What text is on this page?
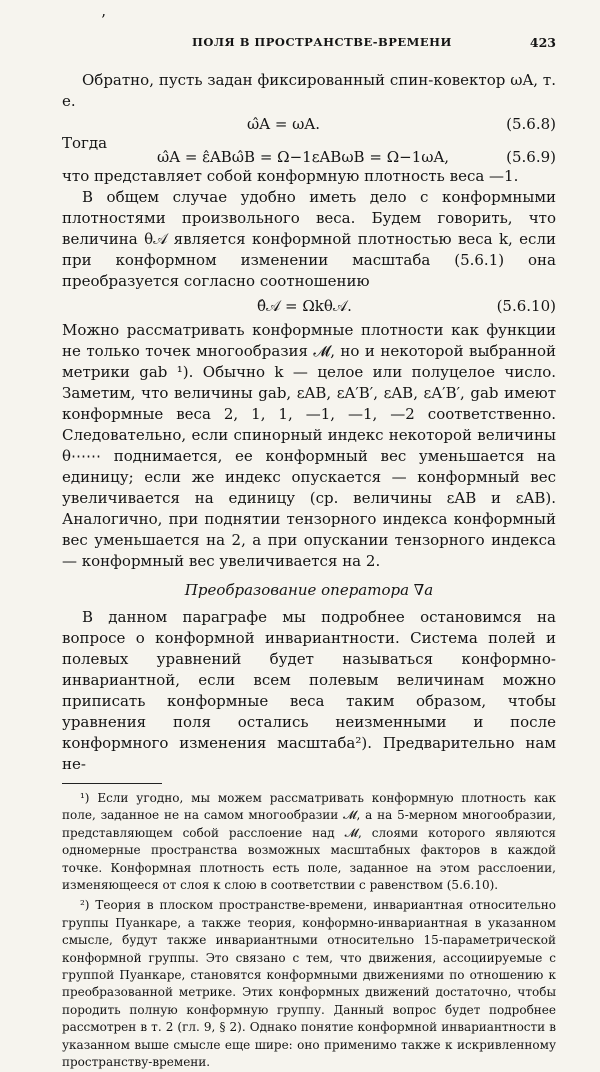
’
ПОЛЯ В ПРОСТРАНСТВЕ-ВРЕМЕНИ	423

Обратно, пусть задан фиксированный спин-ковектор ωA, т. е.

ω̂A = ωA.	(5.6.8)
Тогда
ω̂A = ε̂ABω̂B = Ω−1εABωB = Ω−1ωA,	(5.6.9)

что представляет собой конформную плотность веса —1.

В общем случае удобно иметь дело с конформными плотностями произвольного веса. Будем говорить, что величина θ𝒜 является конформной плотностью веса k, если при конформном изменении масштаба (5.6.1) она преобразуется согласно соотношению

θ̂𝒜 = Ωkθ𝒜.	(5.6.10)

Можно рассматривать конформные плотности как функции не только точек многообразия 𝓜, но и некоторой выбранной метрики gab ¹). Обычно k — целое или полуцелое число. Заметим, что величины gab, εAB, εA′B′, εAB, εA′B′, gab имеют конформные веса 2, 1, 1, —1, —1, —2 соответственно. Следовательно, если спинорный индекс некоторой величины θ⋯⋯ поднимается, ее конформный вес уменьшается на единицу; если же индекс опускается — конформный вес увеличивается на единицу (ср. величины εAB и εAB). Аналогично, при поднятии тензорного индекса конформный вес уменьшается на 2, а при опускании тензорного индекса — конформный вес увеличивается на 2.

Преобразование оператора ∇a

В данном параграфе мы подробнее остановимся на вопросе о конформной инвариантности. Система полей и полевых уравнений будет называться конформно-инвариантной, если всем полевым величинам можно приписать конформные веса таким образом, чтобы уравнения поля остались неизменными и после конформного изменения масштаба²). Предварительно нам не-

¹) Если угодно, мы можем рассматривать конформную плотность как поле, заданное не на самом многообразии 𝓜, а на 5-мерном многообразии, представляющем собой расслоение над 𝓜, слоями которого являются одномерные пространства возможных масштабных факторов в каждой точке. Конформная плотность есть поле, заданное на этом расслоении, изменяющееся от слоя к слою в соответствии с равенством (5.6.10).

²) Теория в плоском пространстве-времени, инвариантная относительно группы Пуанкаре, а также теория, конформно-инвариантная в указанном смысле, будут также инвариантными относительно 15-параметрической конформной группы. Это связано с тем, что движения, ассоциируемые с группой Пуанкаре, становятся конформными движениями по отношению к преобразованной метрике. Этих конформных движений достаточно, чтобы породить полную конформную группу. Данный вопрос будет подробнее рассмотрен в т. 2 (гл. 9, § 2). Однако понятие конформной инвариантности в указанном выше смысле еще шире: оно применимо также к искривленному пространству-времени.
